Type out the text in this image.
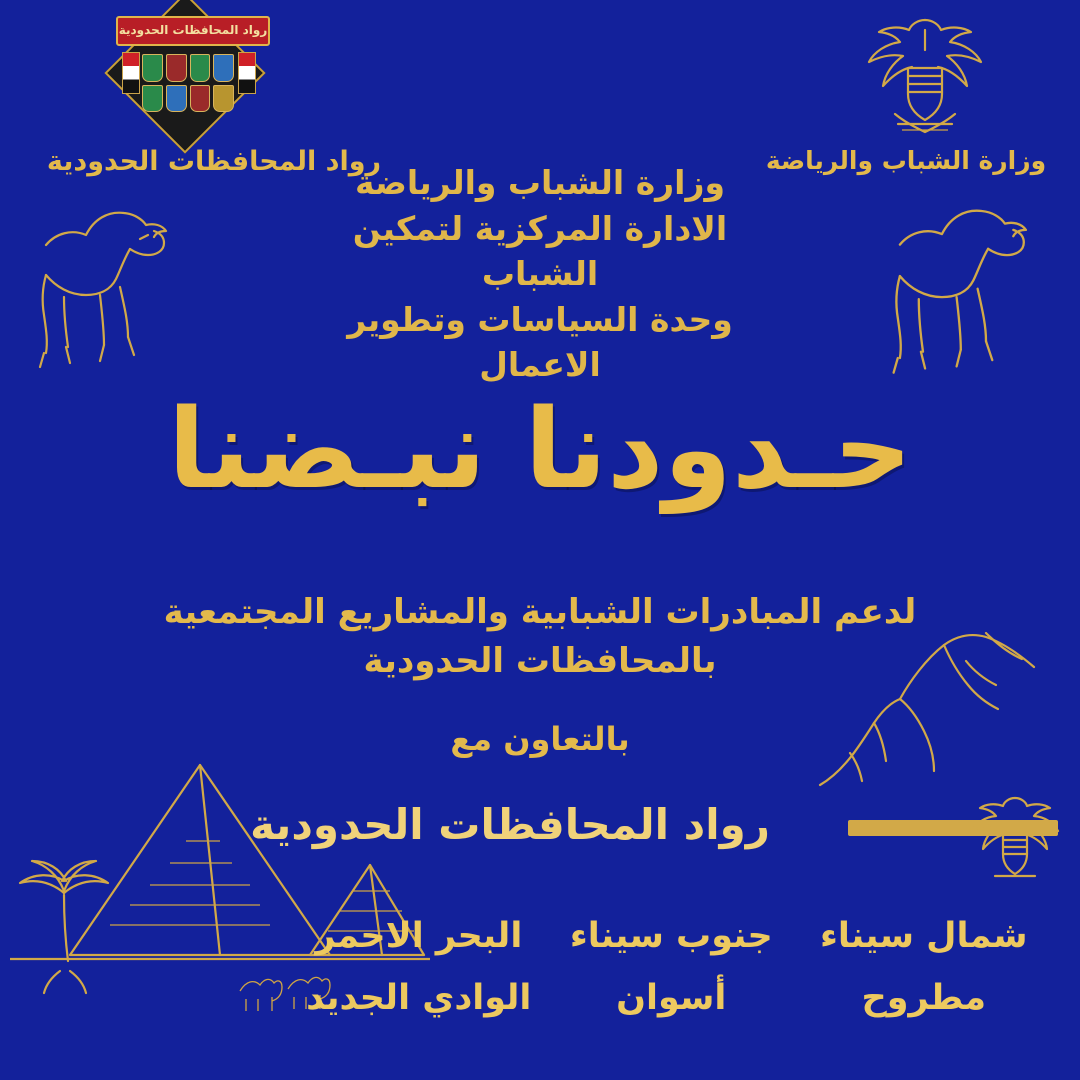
رواد المحافظات الحدودية
رواد المحافظات الحدودية	وزارة الشباب والرياضة
وزارة الشباب والرياضة
الادارة المركزية لتمكين الشباب
وحدة السياسات وتطوير الاعمال
حـدودنا نبـضنا
لدعم المبادرات الشبابية والمشاريع المجتمعية
بالمحافظات الحدودية
بالتعاون مع
رواد المحافظات الحدودية
شمال سيناء
جنوب سيناء
البحر الاحمر
مطروح
أسوان
الوادي الجديد
